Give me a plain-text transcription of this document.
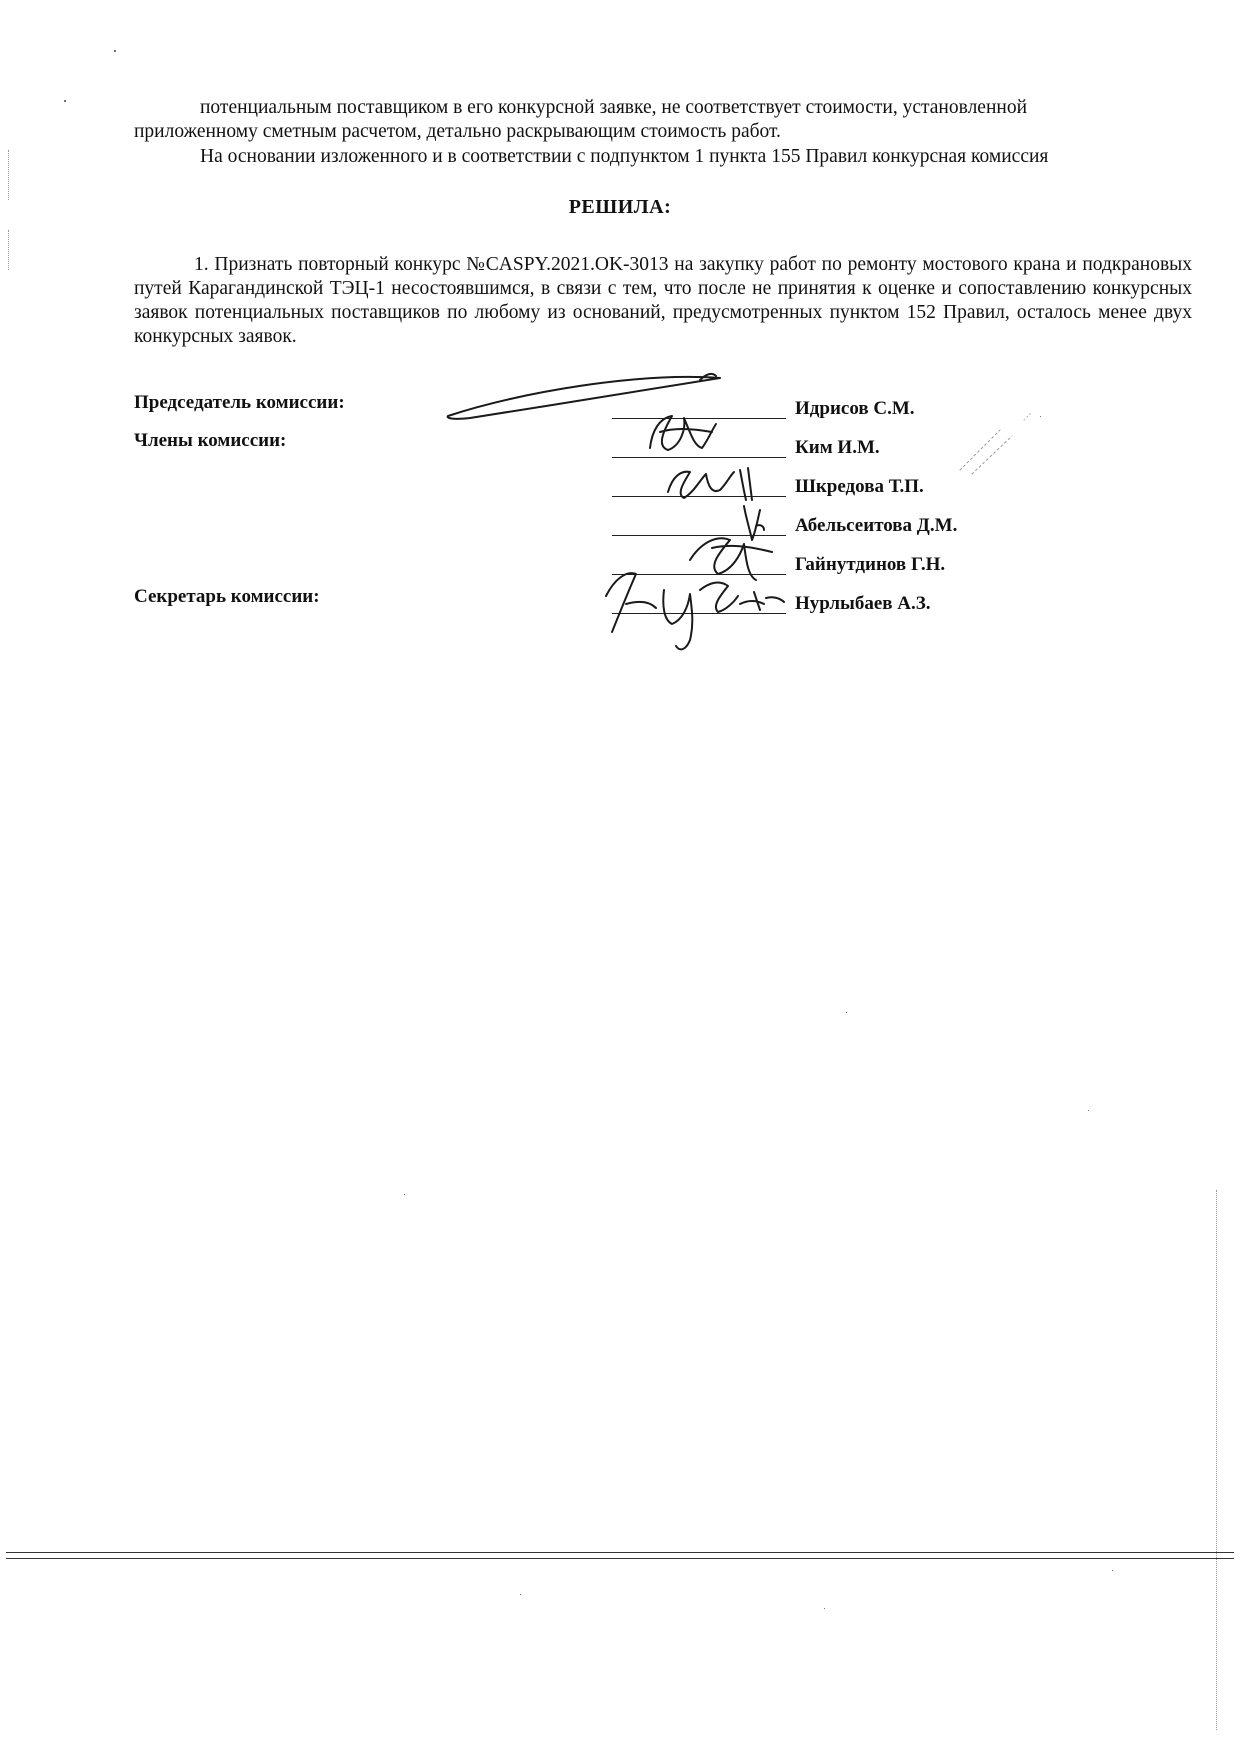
потенциальным поставщиком в его конкурсной заявке, не соответствует стоимости, установленной
приложенному сметным расчетом, детально раскрывающим стоимость работ.
На основании изложенного и в соответствии с подпунктом 1 пункта 155 Правил конкурсная комиссия
РЕШИЛА:
1. Признать повторный конкурс №CASPY.2021.OK-3013 на закупку работ по ремонту мостового крана и подкрановых путей Карагандинской ТЭЦ-1 несостоявшимся, в связи с тем, что после не принятия к оценке и сопоставлению конкурсных заявок потенциальных поставщиков по любому из оснований, предусмотренных пунктом 152 Правил, осталось менее двух конкурсных заявок.
Председатель комиссии:
Члены комиссии:
Секретарь комиссии:
Идрисов С.М.
Ким И.М.
Шкредова Т.П.
Абельсеитова Д.М.
Гайнутдинов Г.Н.
Нурлыбаев А.З.
